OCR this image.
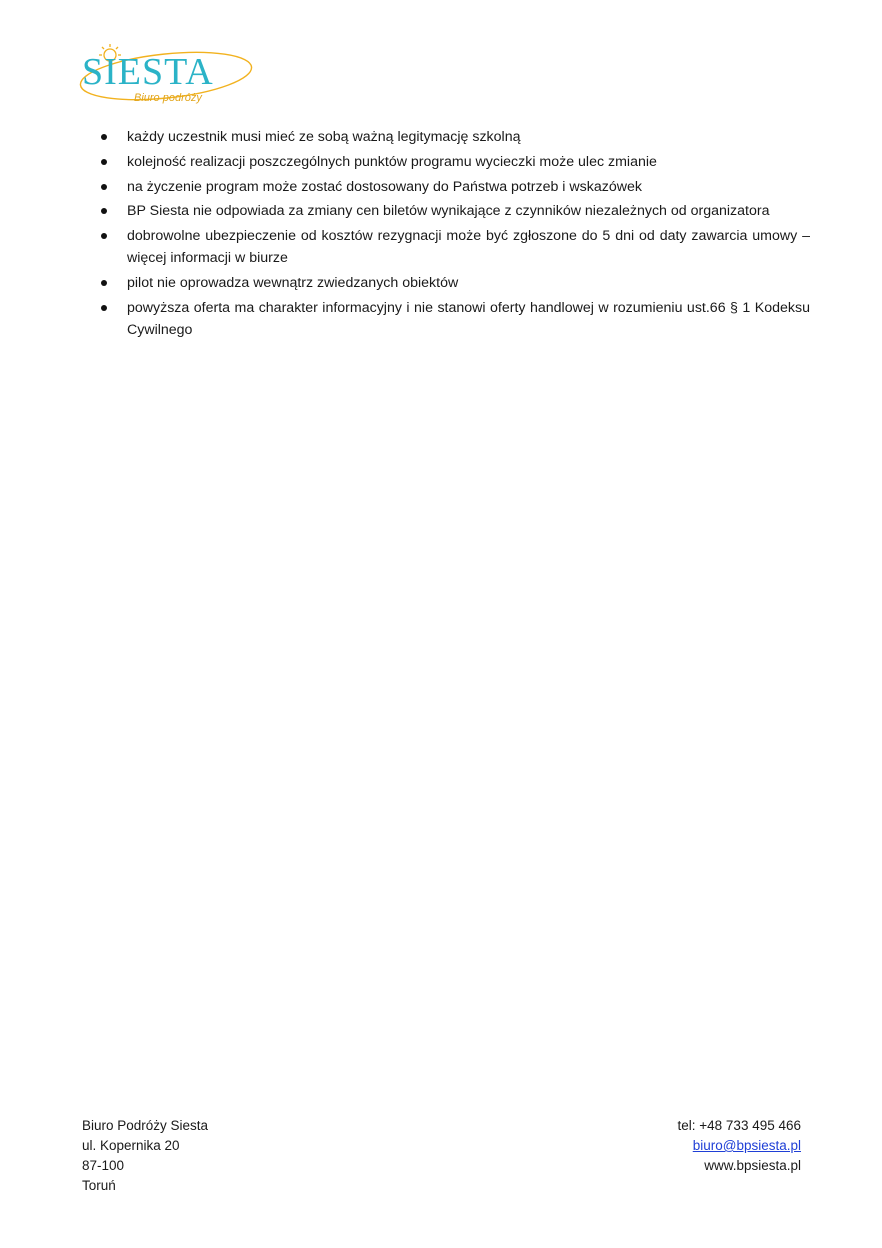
SIESTA
Biuro podróży
każdy uczestnik musi mieć ze sobą ważną legitymację szkolną
kolejność realizacji poszczególnych punktów programu wycieczki może ulec zmianie
na życzenie program może zostać dostosowany do Państwa potrzeb i wskazówek
BP Siesta nie odpowiada za zmiany cen biletów wynikające z czynników niezależnych od organizatora
dobrowolne ubezpieczenie od kosztów rezygnacji może być zgłoszone do 5 dni od daty zawarcia umowy – więcej informacji w biurze
pilot nie oprowadza wewnątrz zwiedzanych obiektów
powyższa oferta ma charakter informacyjny i nie stanowi oferty handlowej w rozumieniu ust.66 § 1 Kodeksu Cywilnego
Biuro Podróży Siesta
ul. Kopernika 20
87-100
Toruń
tel: +48 733 495 466
biuro@bpsiesta.pl
www.bpsiesta.pl
